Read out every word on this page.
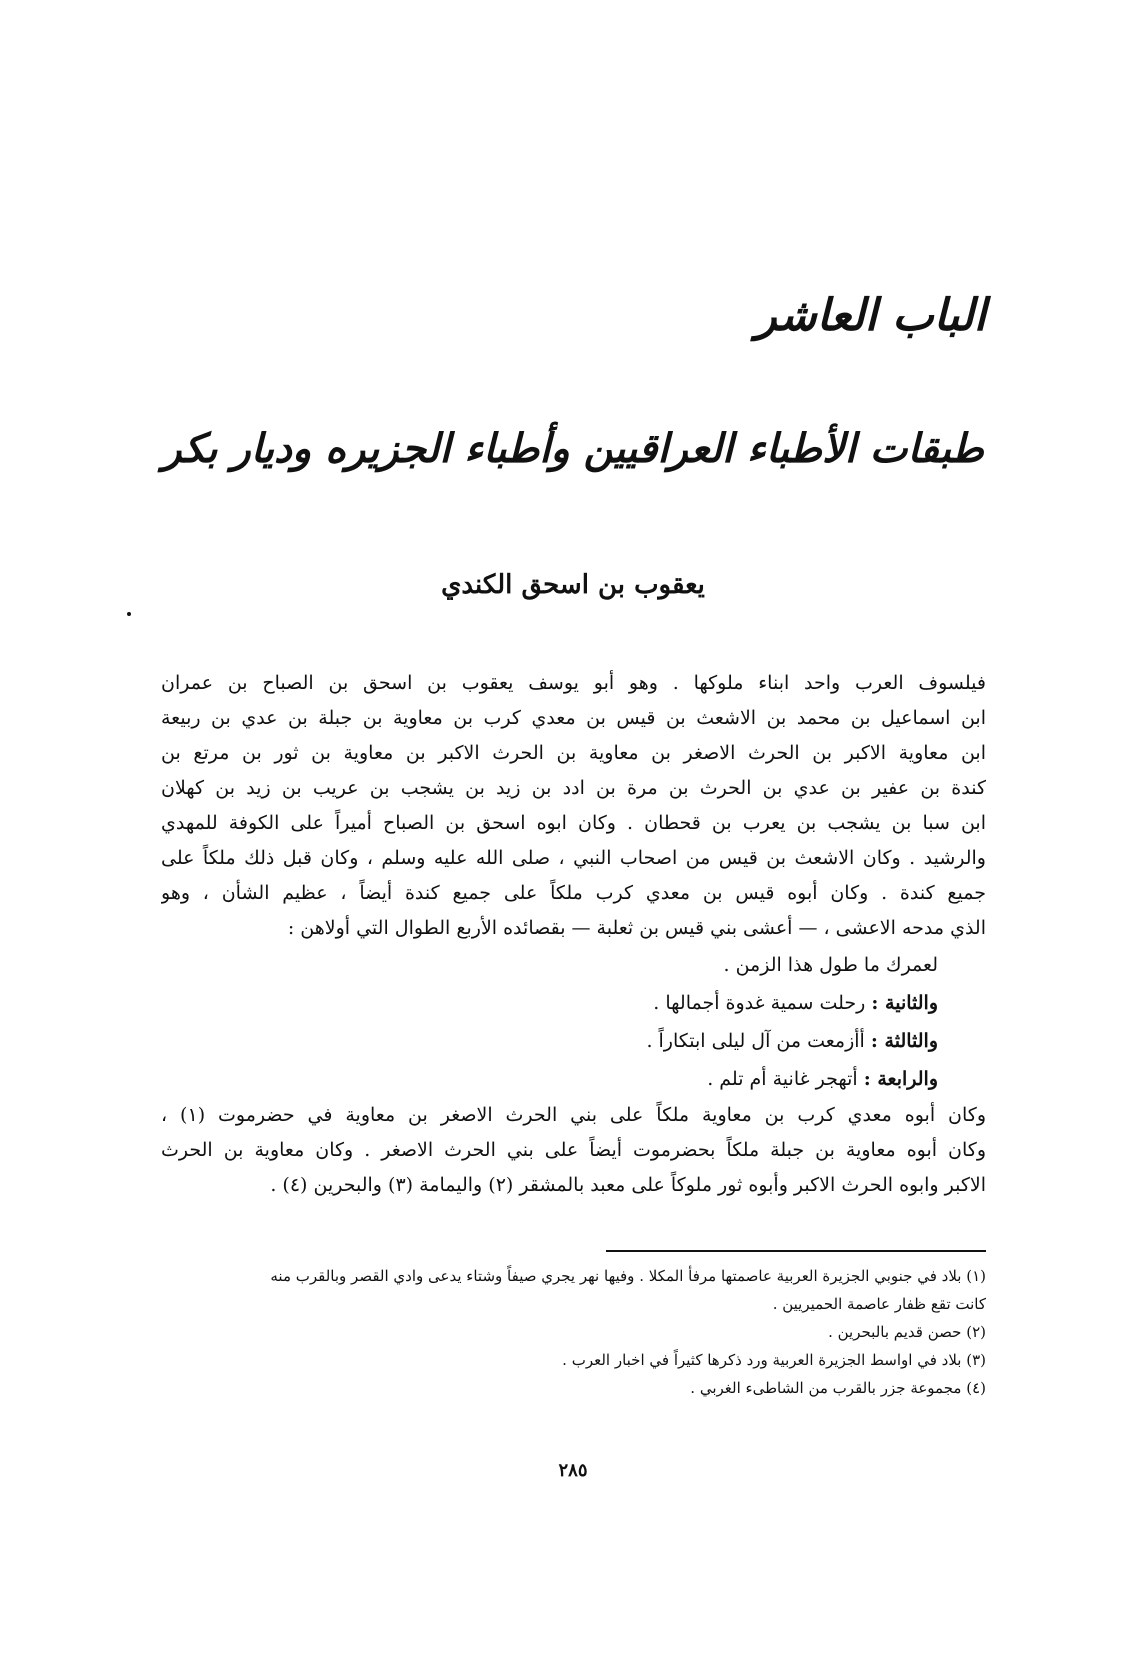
الباب العاشر
طبقات الأطباء العراقيين وأطباء الجزيره وديار بكر
يعقوب بن اسحق الكندي
فيلسوف العرب واحد ابناء ملوكها . وهو أبو يوسف يعقوب بن اسحق بن الصباح بن عمران
ابن اسماعيل بن محمد بن الاشعث بن قيس بن معدي كرب بن معاوية بن جبلة بن عدي بن ربيعة
ابن معاوية الاكبر بن الحرث الاصغر بن معاوية بن الحرث الاكبر بن معاوية بن ثور بن مرتع بن
كندة بن عفير بن عدي بن الحرث بن مرة بن ادد بن زيد بن يشجب بن عريب بن زيد بن كهلان
ابن سبا بن يشجب بن يعرب بن قحطان . وكان ابوه اسحق بن الصباح أميراً على الكوفة للمهدي
والرشيد . وكان الاشعث بن قيس من اصحاب النبي ، صلى الله عليه وسلم ، وكان قبل ذلك ملكاً على
جميع كندة . وكان أبوه قيس بن معدي كرب ملكاً على جميع كندة أيضاً ، عظيم الشأن ، وهو
الذي مدحه الاعشى ، — أعشى بني قيس بن ثعلبة — بقصائده الأربع الطوال التي أولاهن :
لعمرك ما طول هذا الزمن .
والثانية : رحلت سمية غدوة أجمالها .
والثالثة : أأزمعت من آل ليلى ابتكاراً .
والرابعة : أتهجر غانية أم تلم .
وكان أبوه معدي كرب بن معاوية ملكاً على بني الحرث الاصغر بن معاوية في حضرموت (١) ،
وكان أبوه معاوية بن جبلة ملكاً بحضرموت أيضاً على بني الحرث الاصغر . وكان معاوية بن الحرث
الاكبر وابوه الحرث الاكبر وأبوه ثور ملوكاً على معبد بالمشقر (٢) واليمامة (٣) والبحرين (٤) .
(١) بلاد في جنوبي الجزيرة العربية عاصمتها مرفأ المكلا . وفيها نهر يجري صيفاً وشتاء يدعى وادي القصر وبالقرب منه
كانت تقع ظفار عاصمة الحميريين .
(٢) حصن قديم بالبحرين .
(٣) بلاد في اواسط الجزيرة العربية ورد ذكرها كثيراً في اخبار العرب .
(٤) مجموعة جزر بالقرب من الشاطىء الغربي .
٢٨٥
